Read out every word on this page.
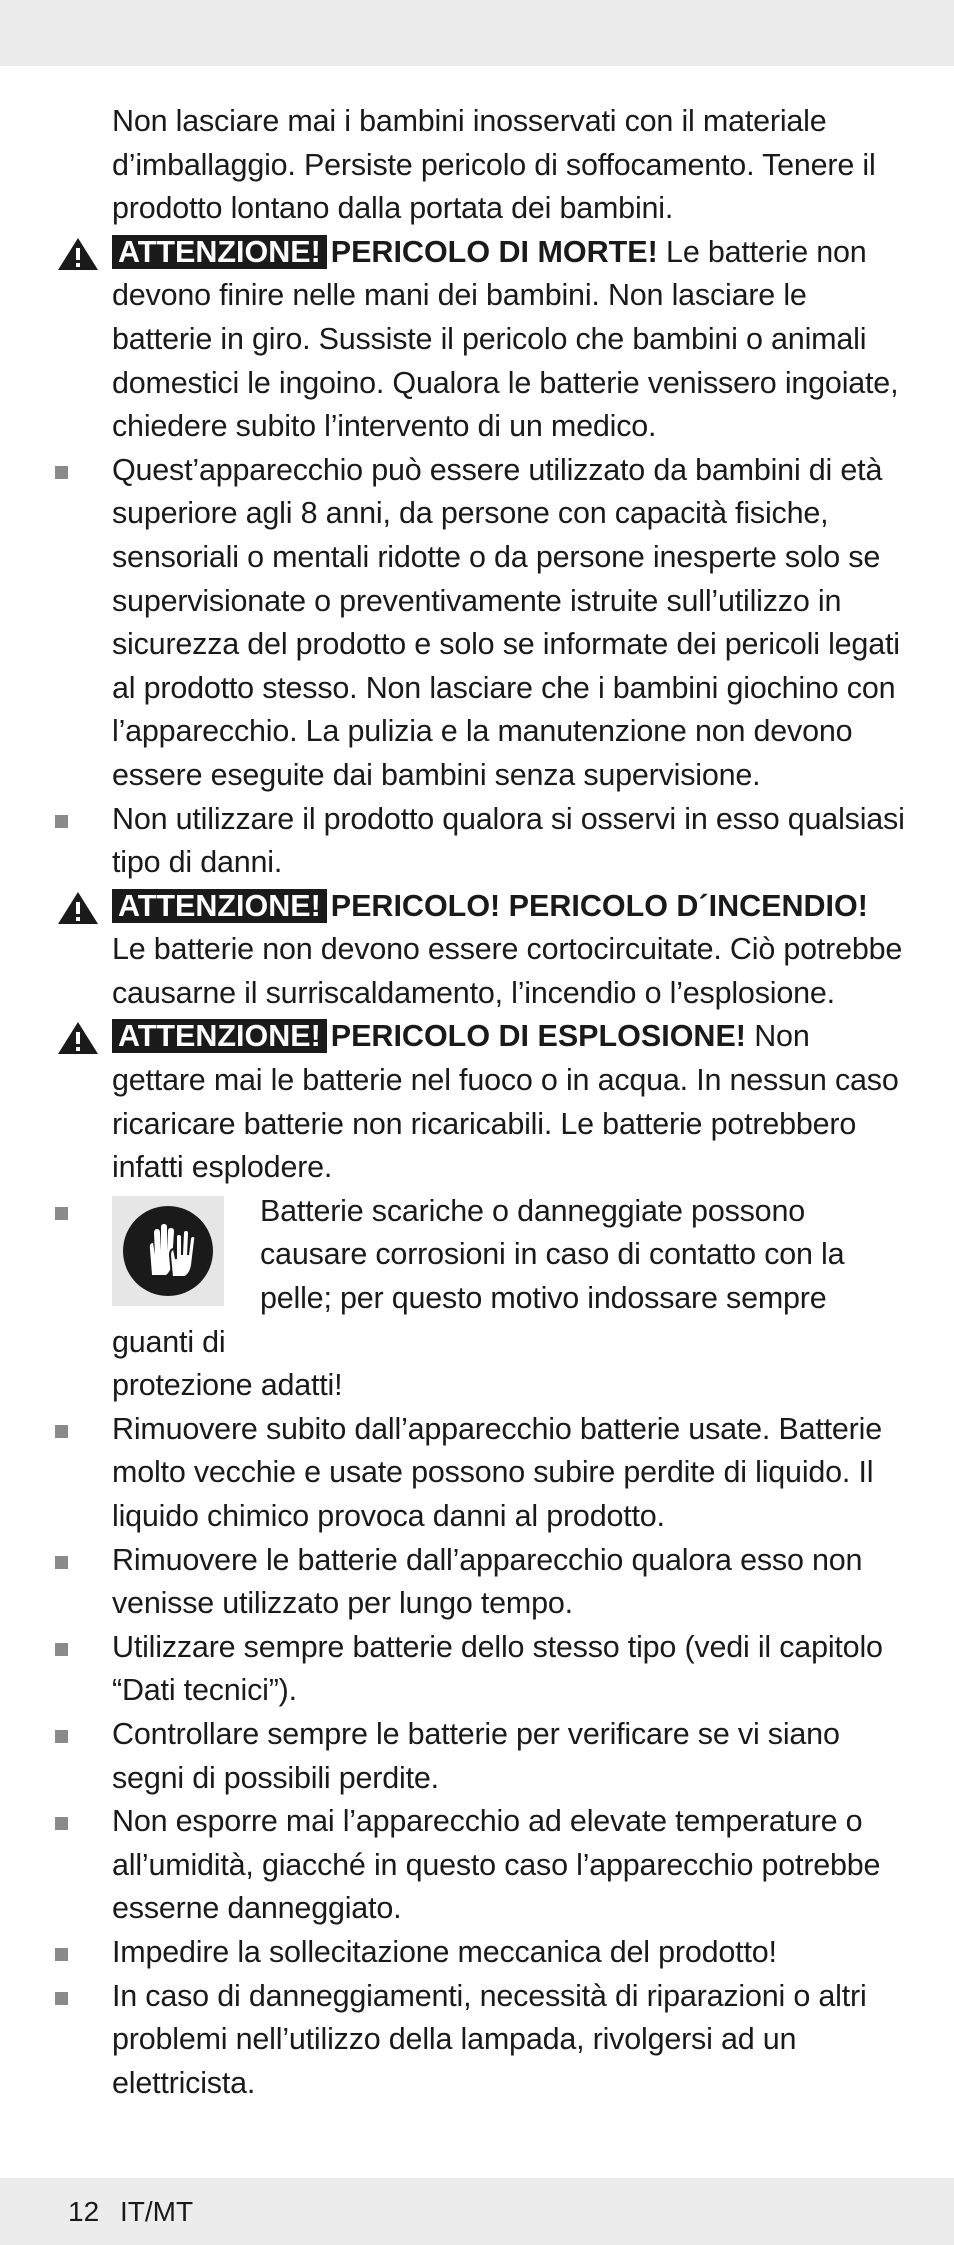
Non lasciare mai i bambini inosservati con il materiale d’imballaggio. Persiste pericolo di soffocamento. Tenere il prodotto lontano dalla portata dei bambini.
ATTENZIONE! PERICOLO DI MORTE! Le batterie non devono finire nelle mani dei bambini. Non lasciare le batterie in giro. Sussiste il pericolo che bambini o animali domestici le ingoino. Qualora le batterie venissero ingoiate, chiedere subito l’intervento di un medico.
Quest’apparecchio può essere utilizzato da bambini di età superiore agli 8 anni, da persone con capacità fisiche, sensoriali o mentali ridotte o da persone inesperte solo se supervisionate o preventivamente istruite sull’utilizzo in sicurezza del prodotto e solo se informate dei pericoli legati al prodotto stesso. Non lasciare che i bambini giochino con l’apparecchio. La pulizia e la manutenzione non devono essere eseguite dai bambini senza supervisione.
Non utilizzare il prodotto qualora si osservi in esso qualsiasi tipo di danni.
ATTENZIONE! PERICOLO! PERICOLO D´INCENDIO! Le batterie non devono essere cortocircuitate. Ciò potrebbe causarne il surriscaldamento, l’incendio o l’esplosione.
ATTENZIONE! PERICOLO DI ESPLOSIONE! Non gettare mai le batterie nel fuoco o in acqua. In nessun caso ricaricare batterie non ricaricabili. Le batterie potrebbero infatti esplodere.
Batterie scariche o danneggiate possono causare corrosioni in caso di contatto con la pelle; per questo motivo indossare sempre guanti di
protezione adatti!
Rimuovere subito dall’apparecchio batterie usate. Batterie molto vecchie e usate possono subire perdite di liquido. Il liquido chimico provoca danni al prodotto.
Rimuovere le batterie dall’apparecchio qualora esso non venisse utilizzato per lungo tempo.
Utilizzare sempre batterie dello stesso tipo (vedi il capitolo “Dati tecnici”).
Controllare sempre le batterie per verificare se vi siano segni di possibili perdite.
Non esporre mai l’apparecchio ad elevate temperature o all’umidità, giacché in questo caso l’apparecchio potrebbe esserne danneggiato.
Impedire la sollecitazione meccanica del prodotto!
In caso di danneggiamenti, necessità di riparazioni o altri problemi nell’utilizzo della lampada, rivolgersi ad un elettricista.
12 IT/MT
